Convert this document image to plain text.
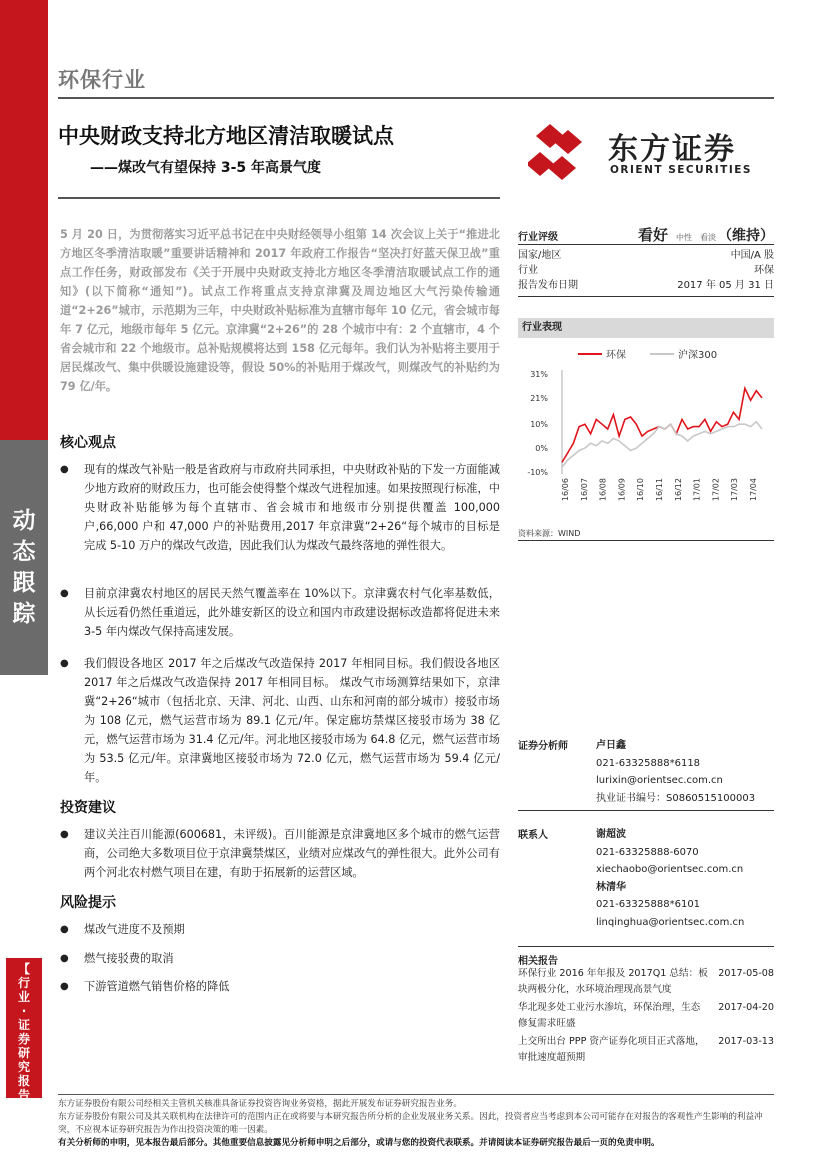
动
态
跟
踪
【
行
业
·
证
券
研
究
报
告
】
环保行业
中央财政支持北方地区清洁取暖试点
——煤改气有望保持 3-5 年高景气度
东方证券
ORIENT SECURITIES
5 月 20 日，为贯彻落实习近平总书记在中央财经领导小组第 14 次会议上关于“推进北方地区冬季清洁取暖”重要讲话精神和 2017 年政府工作报告“坚决打好蓝天保卫战”重点工作任务，财政部发布《关于开展中央财政支持北方地区冬季清洁取暖试点工作的通知》(以下简称“通知”)。试点工作将重点支持京津冀及周边地区大气污染传输通道“2+26”城市，示范期为三年，中央财政补贴标准为直辖市每年 10 亿元，省会城市每年 7 亿元，地级市每年 5 亿元。京津冀“2+26”的 28 个城市中有：2 个直辖市，4 个省会城市和 22 个地级市。总补贴规模将达到 158 亿元每年。我们认为补贴将主要用于居民煤改气、集中供暖设施建设等，假设 50%的补贴用于煤改气，则煤改气的补贴约为 79 亿/年。
核心观点
● 现有的煤改气补贴一般是省政府与市政府共同承担，中央财政补贴的下发一方面能减少地方政府的财政压力，也可能会使得整个煤改气进程加速。如果按照现行标准，中央财政补贴能够为每个直辖市、省会城市和地级市分别提供覆盖 100,000 户,66,000 户和 47,000 户的补贴费用,2017 年京津冀“2+26“每个城市的目标是完成 5-10 万户的煤改气改造，因此我们认为煤改气最终落地的弹性很大。
● 目前京津冀农村地区的居民天然气覆盖率在 10%以下。京津冀农村气化率基数低，从长远看仍然任重道远，此外雄安新区的设立和国内市政建设据标改造都将促进未来 3-5 年内煤改气保持高速发展。
● 我们假设各地区 2017 年之后煤改气改造保持 2017 年相同目标。我们假设各地区 2017 年之后煤改气改造保持 2017 年相同目标。 煤改气市场测算结果如下，京津冀“2+26“城市（包括北京、天津、河北、山西、山东和河南的部分城市）接驳市场为 108 亿元，燃气运营市场为 89.1 亿元/年。保定廊坊禁煤区接驳市场为 38 亿元，燃气运营市场为 31.4 亿元/年。河北地区接驳市场为 64.8 亿元，燃气运营市场为 53.5 亿元/年。京津冀地区接驳市场为 72.0 亿元，燃气运营市场为 59.4 亿元/年。
投资建议
● 建议关注百川能源(600681，未评级)。百川能源是京津冀地区多个城市的燃气运营商，公司绝大多数项目位于京津冀禁煤区，业绩对应煤改气的弹性很大。此外公司有两个河北农村燃气项目在建，有助于拓展新的运营区域。
风险提示
● 煤改气进度不及预期
● 燃气接驳费的取消
● 下游管道燃气销售价格的降低
行业评级	看好 中性 看淡 （维持）
国家/地区	中国/A 股
行业	环保
报告发布日期	2017 年 05 月 31 日
行业表现
环保	沪深300
31%
21%
10%
0%
-10%
16/06 16/07 16/08 16/09 16/10 16/11 16/12 17/01 17/02 17/03 17/04
资料来源：WIND
证券分析师	卢日鑫
021-63325888*6118
lurixin@orientsec.com.cn
执业证书编号：S0860515100003
联系人	谢超波
021-63325888-6070
xiechaobo@orientsec.com.cn
林清华
021-63325888*6101
linqinghua@orientsec.com.cn
相关报告
环保行业 2016 年年报及 2017Q1 总结：板块两极分化，水环境治理现高景气度
2017-05-08
华北现多处工业污水渗坑，环保治理，生态修复需求旺盛
2017-04-20
上交所出台 PPP 资产证券化项目正式落地，审批速度超预期
2017-03-13
东方证券股份有限公司经相关主管机关核准具备证券投资咨询业务资格，据此开展发布证券研究报告业务。
东方证券股份有限公司及其关联机构在法律许可的范围内正在或将要与本研究报告所分析的企业发展业务关系。因此，投资者应当考虑到本公司可能存在对报告的客观性产生影响的利益冲突，不应视本证券研究报告为作出投资决策的唯一因素。
有关分析师的申明，见本报告最后部分。其他重要信息披露见分析师申明之后部分，或请与您的投资代表联系。并请阅读本证券研究报告最后一页的免责申明。
